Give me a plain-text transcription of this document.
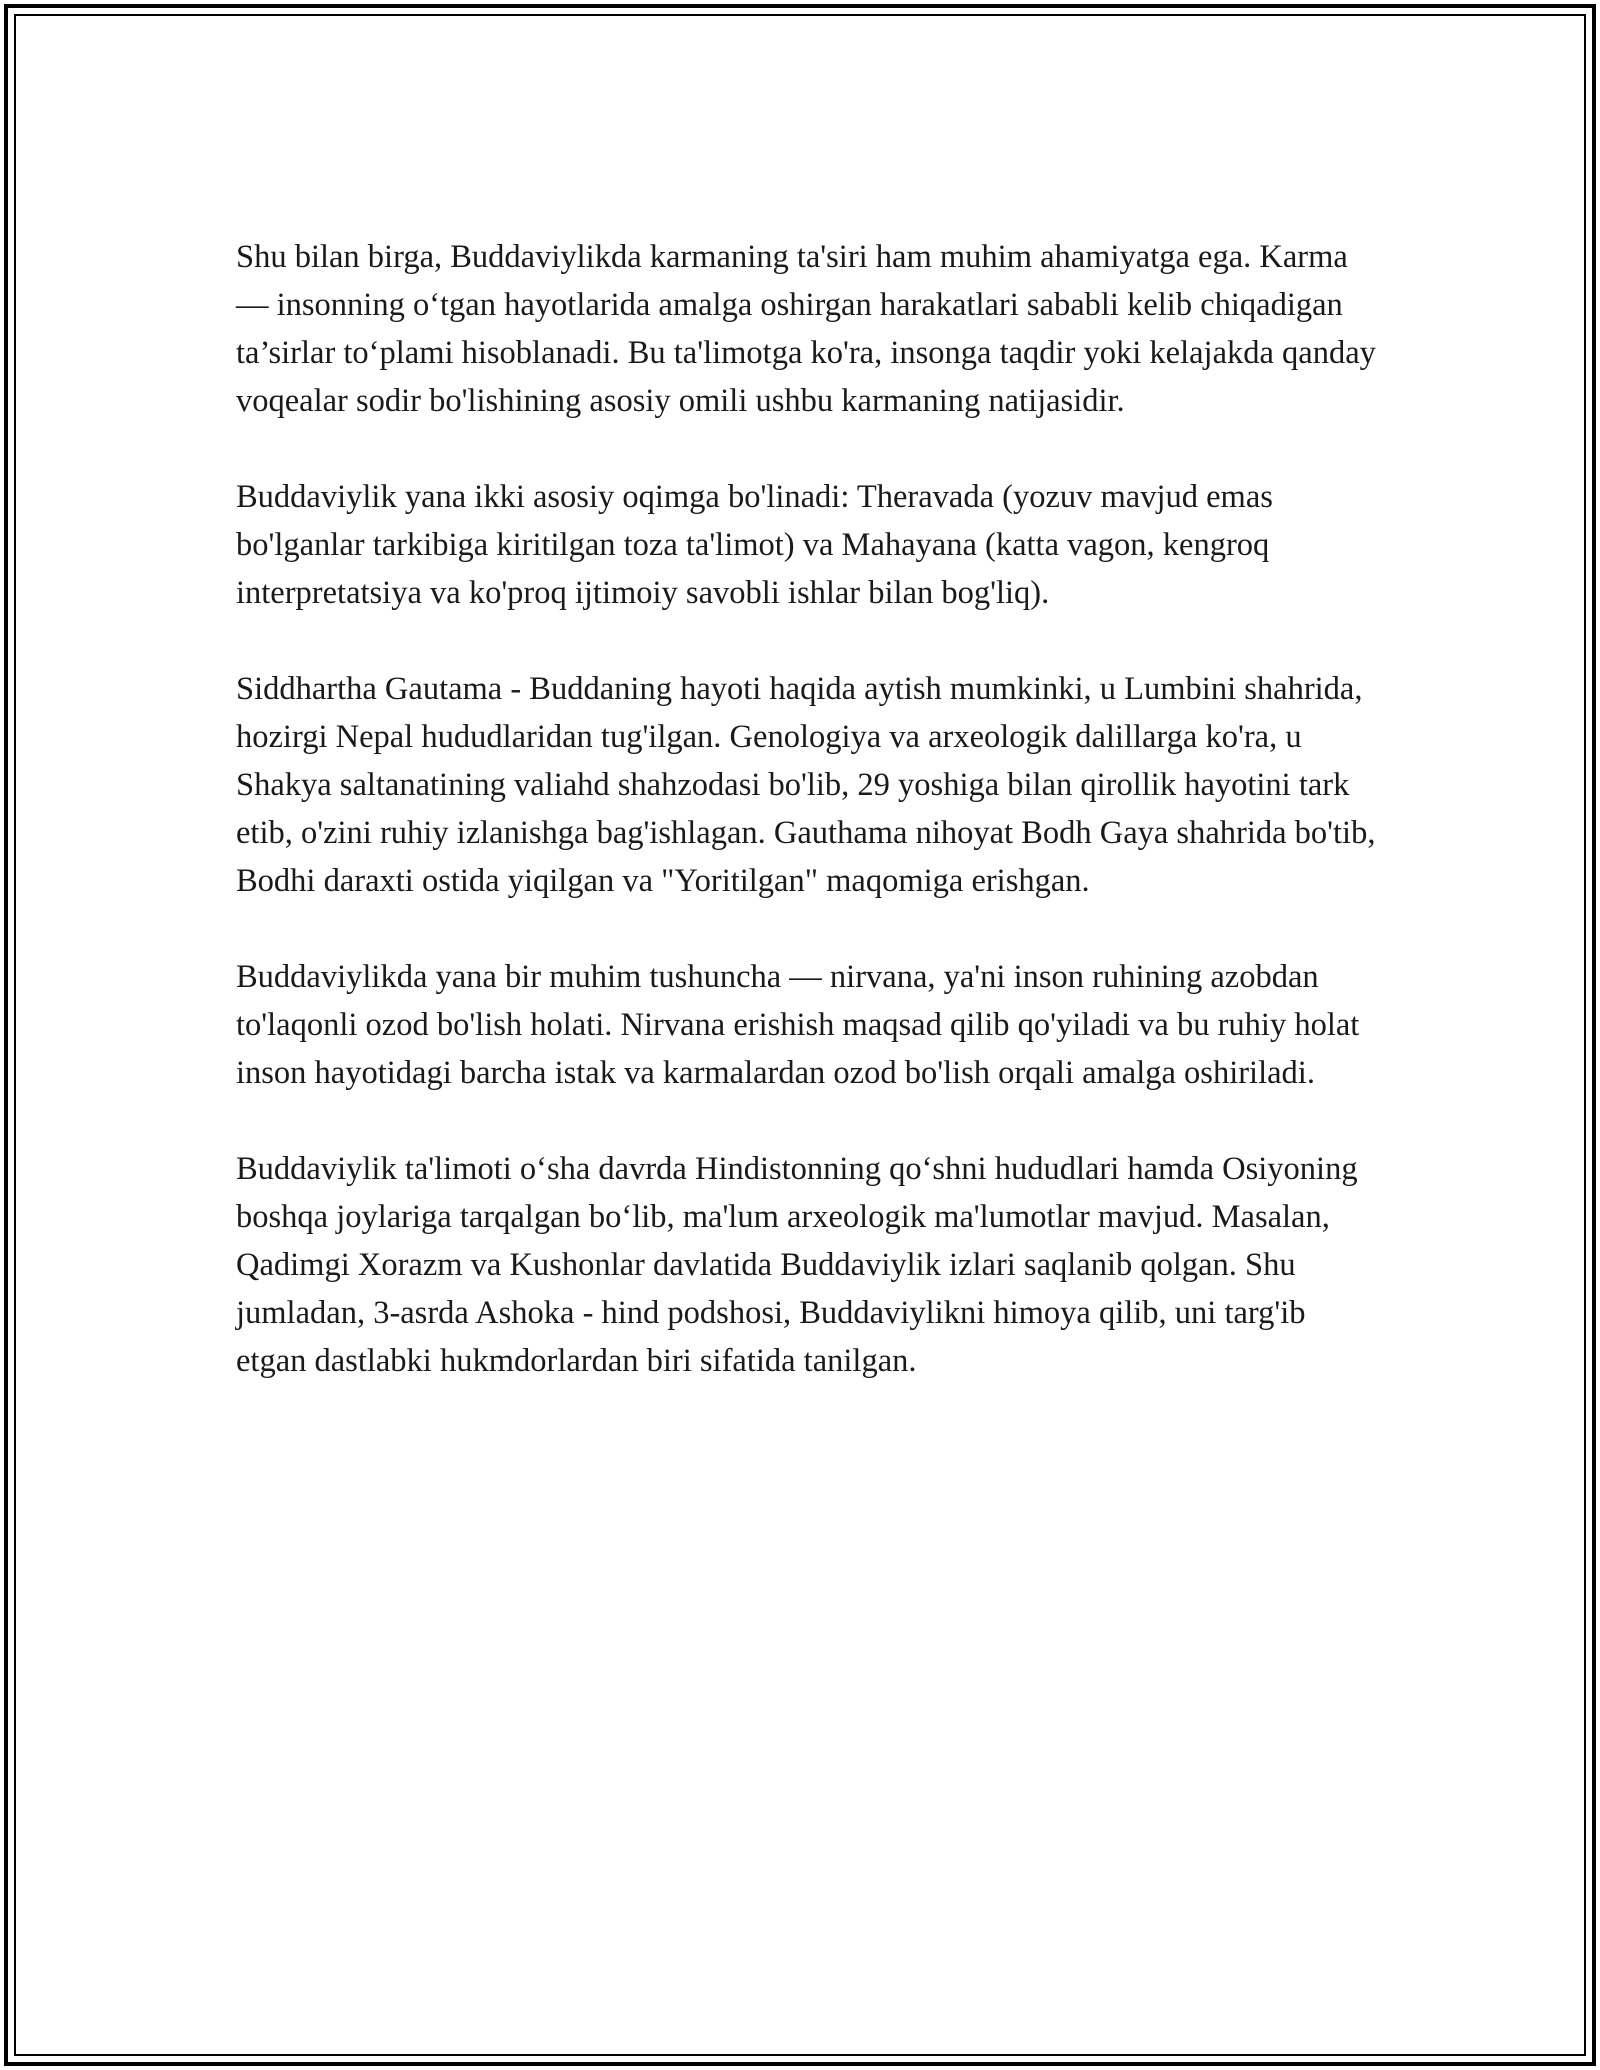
Shu bilan birga, Buddaviylikda karmaning ta'siri ham muhim ahamiyatga ega. Karma — insonning o‘tgan hayotlarida amalga oshirgan harakatlari sababli kelib chiqadigan ta’sirlar to‘plami hisoblanadi. Bu ta'limotga ko'ra, insonga taqdir yoki kelajakda qanday voqealar sodir bo'lishining asosiy omili ushbu karmaning natijasidir.

Buddaviylik yana ikki asosiy oqimga bo'linadi: Theravada (yozuv mavjud emas bo'lganlar tarkibiga kiritilgan toza ta'limot) va Mahayana (katta vagon, kengroq interpretatsiya va ko'proq ijtimoiy savobli ishlar bilan bog'liq).

Siddhartha Gautama - Buddaning hayoti haqida aytish mumkinki, u Lumbini shahrida, hozirgi Nepal hududlaridan tug'ilgan. Genologiya va arxeologik dalillarga ko'ra, u Shakya saltanatining valiahd shahzodasi bo'lib, 29 yoshiga bilan qirollik hayotini tark etib, o'zini ruhiy izlanishga bag'ishlagan. Gauthama nihoyat Bodh Gaya shahrida bo'tib, Bodhi daraxti ostida yiqilgan va "Yoritilgan" maqomiga erishgan.

Buddaviylikda yana bir muhim tushuncha — nirvana, ya'ni inson ruhining azobdan to'laqonli ozod bo'lish holati. Nirvana erishish maqsad qilib qo'yiladi va bu ruhiy holat inson hayotidagi barcha istak va karmalardan ozod bo'lish orqali amalga oshiriladi.

Buddaviylik ta'limoti o‘sha davrda Hindistonning qo‘shni hududlari hamda Osiyoning boshqa joylariga tarqalgan bo‘lib, ma'lum arxeologik ma'lumotlar mavjud. Masalan, Qadimgi Xorazm va Kushonlar davlatida Buddaviylik izlari saqlanib qolgan. Shu jumladan, 3-asrda Ashoka - hind podshosi, Buddaviylikni himoya qilib, uni targ'ib etgan dastlabki hukmdorlardan biri sifatida tanilgan.
